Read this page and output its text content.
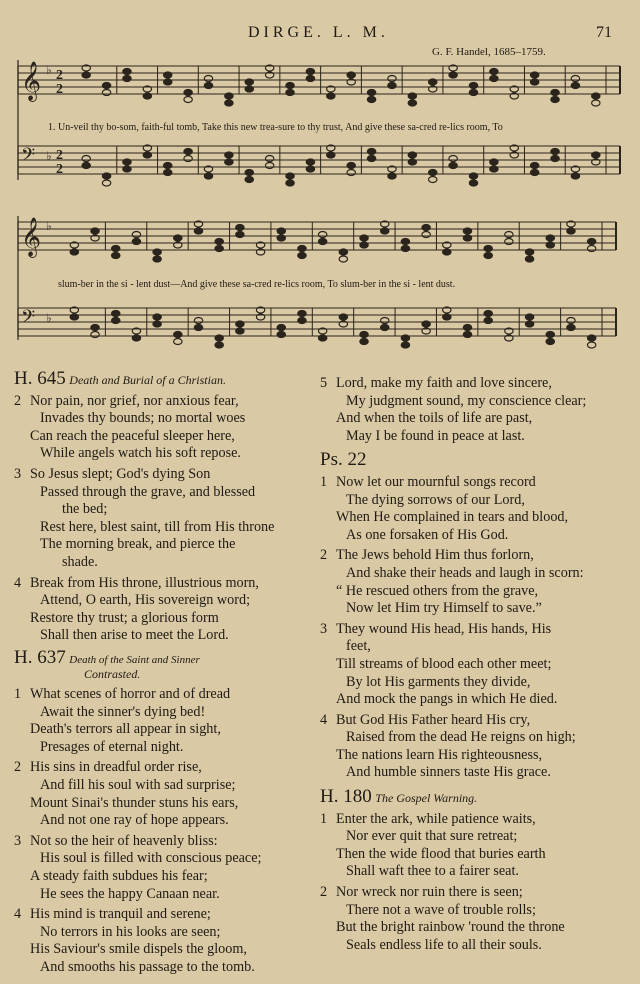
DIRGE. L. M.	71
G. F. Handel, 1685–1759.
𝄞 ♭ 2
2
𝄢 ♭ 2
2
𝄞 ♭
𝄢 ♭
1. Un-veil thy bo-som, faith-ful tomb, Take this new trea-sure to thy trust, And give these sa-cred re-lics room, To
slum-ber in the si - lent dust—And give these sa-cred re-lics room, To slum-ber in the si - lent dust.
H. 645 Death and Burial of a Christian.
2 Nor pain, nor grief, nor anxious fear,
Invades thy bounds; no mortal woes
Can reach the peaceful sleeper here,
While angels watch his soft repose.
3 So Jesus slept; God's dying Son
Passed through the grave, and blessed
the bed;
Rest here, blest saint, till from His throne
The morning break, and pierce the
shade.
4 Break from His throne, illustrious morn,
Attend, O earth, His sovereign word;
Restore thy trust; a glorious form
Shall then arise to meet the Lord.
H. 637 Death of the Saint and Sinner
Contrasted.
1 What scenes of horror and of dread
Await the sinner's dying bed!
Death's terrors all appear in sight,
Presages of eternal night.
2 His sins in dreadful order rise,
And fill his soul with sad surprise;
Mount Sinai's thunder stuns his ears,
And not one ray of hope appears.
3 Not so the heir of heavenly bliss:
His soul is filled with conscious peace;
A steady faith subdues his fear;
He sees the happy Canaan near.
4 His mind is tranquil and serene;
No terrors in his looks are seen;
His Saviour's smile dispels the gloom,
And smooths his passage to the tomb.
5 Lord, make my faith and love sincere,
My judgment sound, my conscience clear;
And when the toils of life are past,
May I be found in peace at last.
Ps. 22
1 Now let our mournful songs record
The dying sorrows of our Lord,
When He complained in tears and blood,
As one forsaken of His God.
2 The Jews behold Him thus forlorn,
And shake their heads and laugh in scorn:
“ He rescued others from the grave,
Now let Him try Himself to save.”
3 They wound His head, His hands, His
feet,
Till streams of blood each other meet;
By lot His garments they divide,
And mock the pangs in which He died.
4 But God His Father heard His cry,
Raised from the dead He reigns on high;
The nations learn His righteousness,
And humble sinners taste His grace.
H. 180 The Gospel Warning.
1 Enter the ark, while patience waits,
Nor ever quit that sure retreat;
Then the wide flood that buries earth
Shall waft thee to a fairer seat.
2 Nor wreck nor ruin there is seen;
There not a wave of trouble rolls;
But the bright rainbow 'round the throne
Seals endless life to all their souls.
